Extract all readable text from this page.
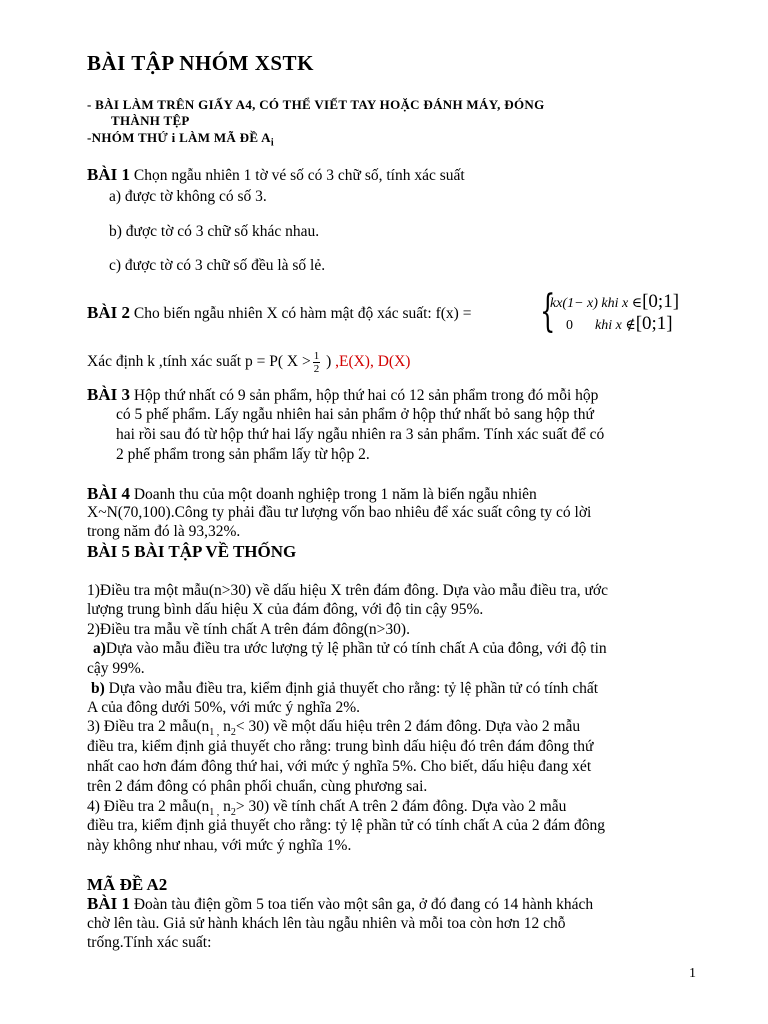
BÀI TẬP NHÓM XSTK
- BÀI LÀM TRÊN GIẤY A4, CÓ THỂ VIẾT TAY HOẶC ĐÁNH MÁY, ĐÓNG
THÀNH TỆP
-NHÓM THỨ i LÀM MÃ ĐỀ $A_i$
BÀI 1 Chọn ngẫu nhiên 1 tờ vé số có 3 chữ số, tính xác suất
a) được tờ không có số 3.
b) được tờ có 3 chữ số khác nhau.
c) được tờ có 3 chữ số đều là số lẻ.
BÀI 2 Cho biến ngẫu nhiên X có hàm mật độ xác suất: f(x) = {
kx(1− x) khi x ∈[0;1]
0 khi x ∉[0;1]
Xác định k ,tính xác suất p = P( $X > \frac{1}{2}$ ) ,E(X), D(X)
BÀI 3 Hộp thứ nhất có 9 sản phẩm, hộp thứ hai có 12 sản phẩm trong đó mỗi hộp
có 5 phế phẩm. Lấy ngẫu nhiên hai sản phẩm ở hộp thứ nhất bỏ sang hộp thứ
hai rồi sau đó từ hộp thứ hai lấy ngẫu nhiên ra 3 sản phẩm. Tính xác suất để có
2 phế phẩm trong sản phẩm lấy từ hộp 2.
BÀI 4 Doanh thu của một doanh nghiệp trong 1 năm là biến ngẫu nhiên
X~N(70,100).Công ty phải đầu tư lượng vốn bao nhiêu để xác suất công ty có lời
trong năm đó là 93,32%.
BÀI 5 BÀI TẬP VỀ THỐNG
1)Điều tra một mẫu(n>30) về dấu hiệu X trên đám đông. Dựa vào mẫu điều tra, ước
lượng trung bình dấu hiệu X của đám đông, với độ tin cậy 95%.
2)Điều tra mẫu về tính chất A trên đám đông(n>30).
a)Dựa vào mẫu điều tra ước lượng tỷ lệ phần tử có tính chất A của đông, với độ tin
cậy 99%.
b) Dựa vào mẫu điều tra, kiểm định giả thuyết cho rằng: tỷ lệ phần tử có tính chất
A của đông dưới 50%, với mức ý nghĩa 2%.
3) Điều tra 2 $mẫu(n_{1 ,}$ $n_2< 30$) về một dấu hiệu trên 2 đám đông. Dựa vào 2 mẫu
điều tra, kiểm định giả thuyết cho rằng: trung bình dấu hiệu đó trên đám đông thứ
nhất cao hơn đám đông thứ hai, với mức ý nghĩa 5%. Cho biết, dấu hiệu đang xét
trên 2 đám đông có phân phối chuẩn, cùng phương sai.
4) Điều tra 2 $mẫu(n_{1 ,}$ $n_2> 30$) về tính chất A trên 2 đám đông. Dựa vào 2 mẫu
điều tra, kiểm định giả thuyết cho rằng: tỷ lệ phần tử có tính chất A của 2 đám đông
này không như nhau, với mức ý nghĩa 1%.
MÃ ĐỀ A2
BÀI 1 Đoàn tàu điện gồm 5 toa tiến vào một sân ga, ở đó đang có 14 hành khách
chờ lên tàu. Giả sử hành khách lên tàu ngẫu nhiên và mỗi toa còn hơn 12 chỗ
trống.Tính xác suất:
1
